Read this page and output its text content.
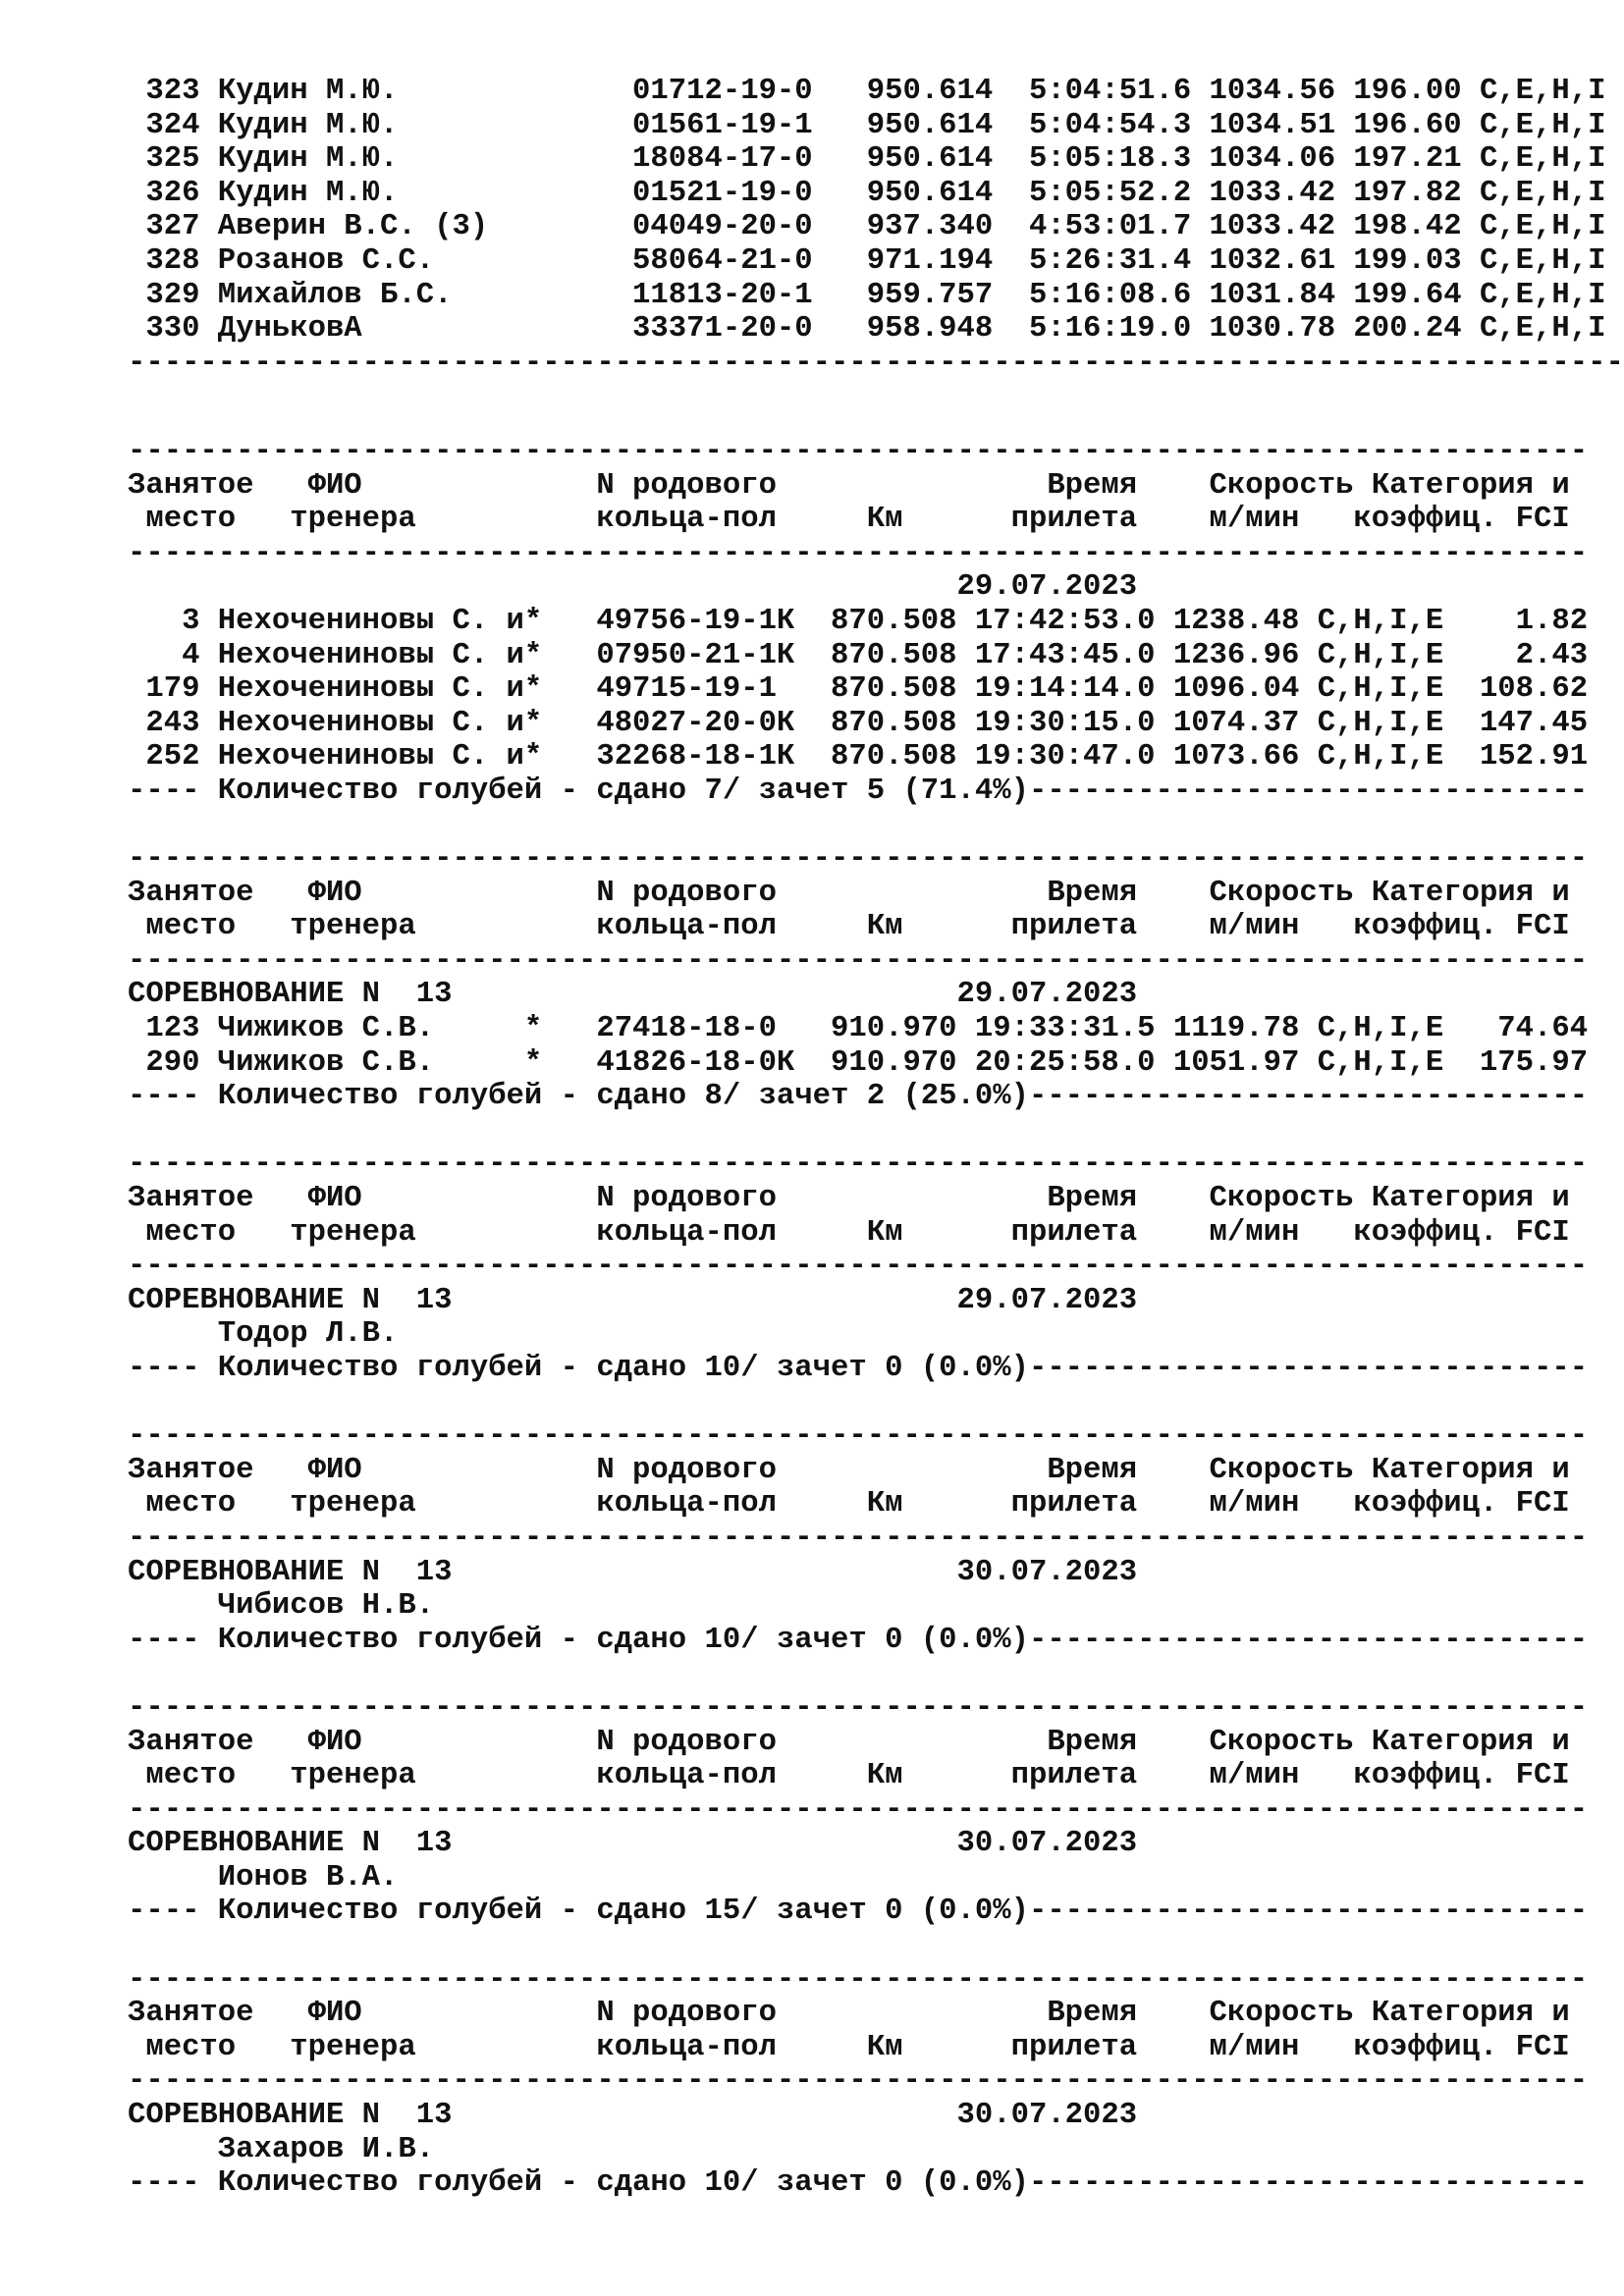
323 Кудин М.Ю.             01712-19-0   950.614  5:04:51.6 1034.56 196.00 C,E,H,I
324 Кудин М.Ю.             01561-19-1   950.614  5:04:54.3 1034.51 196.60 C,E,H,I
325 Кудин М.Ю.             18084-17-0   950.614  5:05:18.3 1034.06 197.21 C,E,H,I
326 Кудин М.Ю.             01521-19-0   950.614  5:05:52.2 1033.42 197.82 C,E,H,I
327 Аверин В.С. (3)        04049-20-0   937.340  4:53:01.7 1033.42 198.42 C,E,H,I
328 Розанов С.С.           58064-21-0   971.194  5:26:31.4 1032.61 199.03 C,E,H,I
329 Михайлов Б.С.          11813-20-1   959.757  5:16:08.6 1031.84 199.64 C,E,H,I
330 ДуньковА               33371-20-0   958.948  5:16:19.0 1030.78 200.24 C,E,H,I
-----------------------------------------------------------------------------------
---------------------------------------------------------------------------------
Занятое   ФИО             N родового               Время    Скорость Категория и
место   тренера          кольца-пол     Км      прилета    м/мин   коэффиц. FCI
---------------------------------------------------------------------------------
29.07.2023
3 Нехочениновы С. и*   49756-19-1К  870.508 17:42:53.0 1238.48 C,H,I,E    1.82
4 Нехочениновы С. и*   07950-21-1К  870.508 17:43:45.0 1236.96 C,H,I,E    2.43
179 Нехочениновы С. и*   49715-19-1   870.508 19:14:14.0 1096.04 C,H,I,E  108.62
243 Нехочениновы С. и*   48027-20-0К  870.508 19:30:15.0 1074.37 C,H,I,E  147.45
252 Нехочениновы С. и*   32268-18-1К  870.508 19:30:47.0 1073.66 C,H,I,E  152.91
---- Количество голубей - сдано 7/ зачет 5 (71.4%)-------------------------------
---------------------------------------------------------------------------------
Занятое   ФИО             N родового               Время    Скорость Категория и
место   тренера          кольца-пол     Км      прилета    м/мин   коэффиц. FCI
---------------------------------------------------------------------------------
СОРЕВНОВАНИЕ N  13                            29.07.2023
123 Чижиков С.В.     *   27418-18-0   910.970 19:33:31.5 1119.78 C,H,I,E   74.64
290 Чижиков С.В.     *   41826-18-0К  910.970 20:25:58.0 1051.97 C,H,I,E  175.97
---- Количество голубей - сдано 8/ зачет 2 (25.0%)-------------------------------
---------------------------------------------------------------------------------
Занятое   ФИО             N родового               Время    Скорость Категория и
место   тренера          кольца-пол     Км      прилета    м/мин   коэффиц. FCI
---------------------------------------------------------------------------------
СОРЕВНОВАНИЕ N  13                            29.07.2023
Тодор Л.В.
---- Количество голубей - сдано 10/ зачет 0 (0.0%)-------------------------------
---------------------------------------------------------------------------------
Занятое   ФИО             N родового               Время    Скорость Категория и
место   тренера          кольца-пол     Км      прилета    м/мин   коэффиц. FCI
---------------------------------------------------------------------------------
СОРЕВНОВАНИЕ N  13                            30.07.2023
Чибисов Н.В.
---- Количество голубей - сдано 10/ зачет 0 (0.0%)-------------------------------
---------------------------------------------------------------------------------
Занятое   ФИО             N родового               Время    Скорость Категория и
место   тренера          кольца-пол     Км      прилета    м/мин   коэффиц. FCI
---------------------------------------------------------------------------------
СОРЕВНОВАНИЕ N  13                            30.07.2023
Ионов В.А.
---- Количество голубей - сдано 15/ зачет 0 (0.0%)-------------------------------
---------------------------------------------------------------------------------
Занятое   ФИО             N родового               Время    Скорость Категория и
место   тренера          кольца-пол     Км      прилета    м/мин   коэффиц. FCI
---------------------------------------------------------------------------------
СОРЕВНОВАНИЕ N  13                            30.07.2023
Захаров И.В.
---- Количество голубей - сдано 10/ зачет 0 (0.0%)-------------------------------
